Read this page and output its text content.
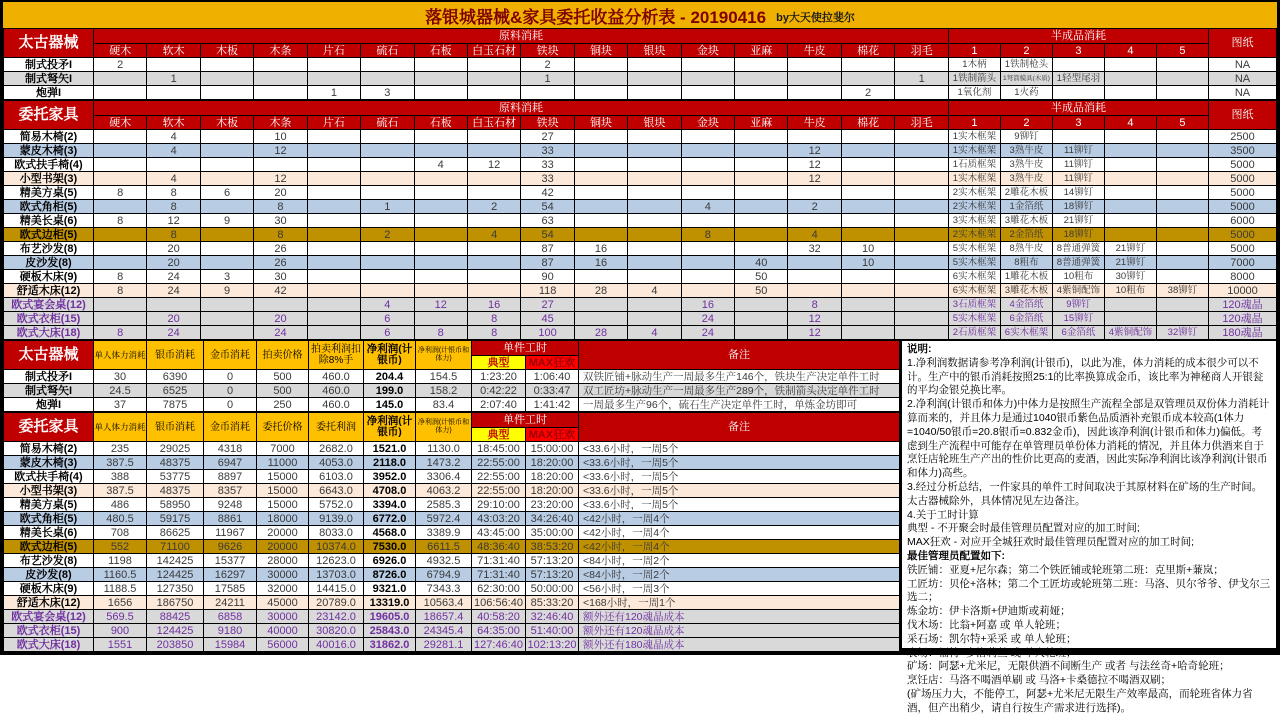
落银城器械&家具委托收益分析表 - 20190416 by大天使拉斐尔
太古器械	原料消耗																半成品消耗					图纸
	硬木	软木	木板	木条	片石	硫石	石板	白玉石材	铁块	铜块	银块	金块	亚麻	牛皮	棉花	羽毛	1	2	3	4	5	
制式投矛I	2								2								1木柄	1铁制枪头				NA
制式弩矢I		1							1							1	1铁制箭头	1弩箭模具(木质)	1轻型尾羽			NA
炮弹I					1	3									2		1氧化剂	1火药				NA
委托家具	原料消耗																半成品消耗					图纸
	硬木	软木	木板	木条	片石	硫石	石板	白玉石材	铁块	铜块	银块	金块	亚麻	牛皮	棉花	羽毛	1	2	3	4	5	
简易木椅(2)		4		10					27								1实木框架	9铆钉				2500
蒙皮木椅(3)		4		12					33					12			1实木框架	3熟牛皮	11铆钉			3500
欧式扶手椅(4)							4	12	33					12			1石质框架	3熟牛皮	11铆钉			5000
小型书架(3)		4		12					33					12			1实木框架	3熟牛皮	11铆钉			5000
精美方桌(5)	8	8	6	20					42								2实木框架	2雕花木板	14铆钉			5000
欧式角柜(5)		8		8		1		2	54			4		2			2实木框架	1金箔纸	18铆钉			5000
精美长桌(6)	8	12	9	30					63								3实木框架	3雕花木板	21铆钉			6000
欧式边柜(5)		8		8		2		4	54			8		4			2实木框架	2金箔纸	18铆钉			5000
布艺沙发(8)		20		26					87	16				32	10		5实木框架	8熟牛皮	8普通弹簧	21铆钉		5000
皮沙发(8)		20		26					87	16			40		10		5实木框架	8粗布	8普通弹簧	21铆钉		7000
硬板木床(9)	8	24	3	30					90				50				6实木框架	1雕花木板	10粗布	30铆钉		8000
舒适木床(12)	8	24	9	42					118	28	4		50				6实木框架	3雕花木板	4紫铜配饰	10粗布	38铆钉	10000
欧式宴会桌(12)						4	12	16	27			16		8			3石质框架	4金箔纸	9铆钉			120魂晶
欧式衣柜(15)		20		20		6		8	45			24		12			5实木框架	6金箔纸	15铆钉			120魂晶
欧式大床(18)	8	24		24		6	8	8	100	28	4	24		12			2石质框架	6实木框架	6金箔纸	4紫铜配饰	32铆钉	180魂晶
太古器械	单人体力消耗	银币消耗	金币消耗	拍卖价格	拍卖利润扣除8%手	净利润(计银币)	净利润(计银币和体力)	单件工时		备注
								典型	MAX狂欢	
制式投矛I	30	6390	0	500	460.0	204.4	154.5	1:23:20	1:06:40	双铁匠铺+脉动生产一周最多生产146个，铁块生产决定单件工时
制式弩矢I	24.5	6525	0	500	460.0	199.0	158.2	0:42:22	0:33:47	双工匠坊+脉动生产一周最多生产289个，铁制箭头决定单件工时
炮弹I	37	7875	0	250	460.0	145.0	83.4	2:07:40	1:41:42	一周最多生产96个，硫石生产决定单件工时，单炼金坊即可
委托家具	单人体力消耗	银币消耗	金币消耗	委托价格	委托利润	净利润(计银币)	净利润(计银币和体力)	单件工时		备注
								典型	MAX狂欢	
简易木椅(2)	235	29025	4318	7000	2682.0	1521.0	1130.0	18:45:00	15:00:00	<33.6小时，一周5个
蒙皮木椅(3)	387.5	48375	6947	11000	4053.0	2118.0	1473.2	22:55:00	18:20:00	<33.6小时，一周5个
欧式扶手椅(4)	388	53775	8897	15000	6103.0	3952.0	3306.4	22:55:00	18:20:00	<33.6小时，一周5个
小型书架(3)	387.5	48375	8357	15000	6643.0	4708.0	4063.2	22:55:00	18:20:00	<33.6小时，一周5个
精美方桌(5)	486	58950	9248	15000	5752.0	3394.0	2585.3	29:10:00	23:20:00	<33.6小时，一周5个
欧式角柜(5)	480.5	59175	8861	18000	9139.0	6772.0	5972.4	43:03:20	34:26:40	<42小时，一周4个
精美长桌(6)	708	86625	11967	20000	8033.0	4568.0	3389.9	43:45:00	35:00:00	<42小时，一周4个
欧式边柜(5)	552	71100	9626	20000	10374.0	7530.0	6611.5	48:36:40	38:53:20	<42小时，一周4个
布艺沙发(8)	1198	142425	15377	28000	12623.0	6926.0	4932.5	71:31:40	57:13:20	<84小时，一周2个
皮沙发(8)	1160.5	124425	16297	30000	13703.0	8726.0	6794.9	71:31:40	57:13:20	<84小时，一周2个
硬板木床(9)	1188.5	127350	17585	32000	14415.0	9321.0	7343.3	62:30:00	50:00:00	<56小时，一周3个
舒适木床(12)	1656	186750	24211	45000	20789.0	13319.0	10563.4	106:56:40	85:33:20	<168小时，一周1个
欧式宴会桌(12)	569.5	88425	6858	30000	23142.0	19605.0	18657.4	40:58:20	32:46:40	额外还有120魂晶成本
欧式衣柜(15)	900	124425	9180	40000	30820.0	25843.0	24345.4	64:35:00	51:40:00	额外还有120魂晶成本
欧式大床(18)	1551	203850	15984	56000	40016.0	31862.0	29281.1	127:46:40	102:13:20	额外还有180魂晶成本
说明:
1.净利润数据请参考净利润(计银币)，以此为准，体力消耗的成本很少可以不计。生产中的银币消耗按照25:1的比率换算成金币，该比率为神秘商人开银瓮的平均金银兑换比率。
2.净利润(计银币和体力)中体力是按照生产流程全部是双管理员双份体力消耗计算而来的，并且体力是通过1040银币紫色品质酒补充银币成本较高(1体力=1040/50银币=20.8银币=0.832金币)，因此该净利润(计银币和体力)偏低。考虑到生产流程中可能存在单管理员单份体力消耗的情况，并且体力供酒来自于烹饪店轮班生产产出的性价比更高的麦酒，因此实际净利润比该净利润(计银币和体力)高些。
3.经过分析总结，一件家具的单件工时间取决于其原材料在矿场的生产时间。太古器械除外，具体情况见左边备注。
4.关于工时计算
典型 - 不开聚会时最佳管理员配置对应的加工时间;
MAX狂欢 - 对应开全城狂欢时最佳管理员配置对应的加工时间;
最佳管理员配置如下:
铁匠铺：亚夏+尼尔森；第二个铁匠铺或轮班第二班：克里斯+蒹岚；
工匠坊：贝伦+洛林；第二个工匠坊或轮班第二班：马洛、贝尔爷爷、伊戈尔三选二；
炼金坊：伊卡洛斯+伊迪斯或莉娅；
伐木场：比翁+阿嘉 或 单人轮班；
采石场：凯尔特+采采 或 单人轮班；
农场：福特+多洛莉丝 或 单人轮班；
矿场：阿瑟+尤米尼，无限供酒不间断生产 或者 与法丝奇+哈奇轮班；
烹饪店：马洛不喝酒单刷 或 马洛+卡桑德拉不喝酒双刷；
(矿场压力大，不能停工，阿瑟+尤米尼无限生产效率最高，而轮班省体力省酒，但产出稍少，请自行按生产需求进行选择)。
